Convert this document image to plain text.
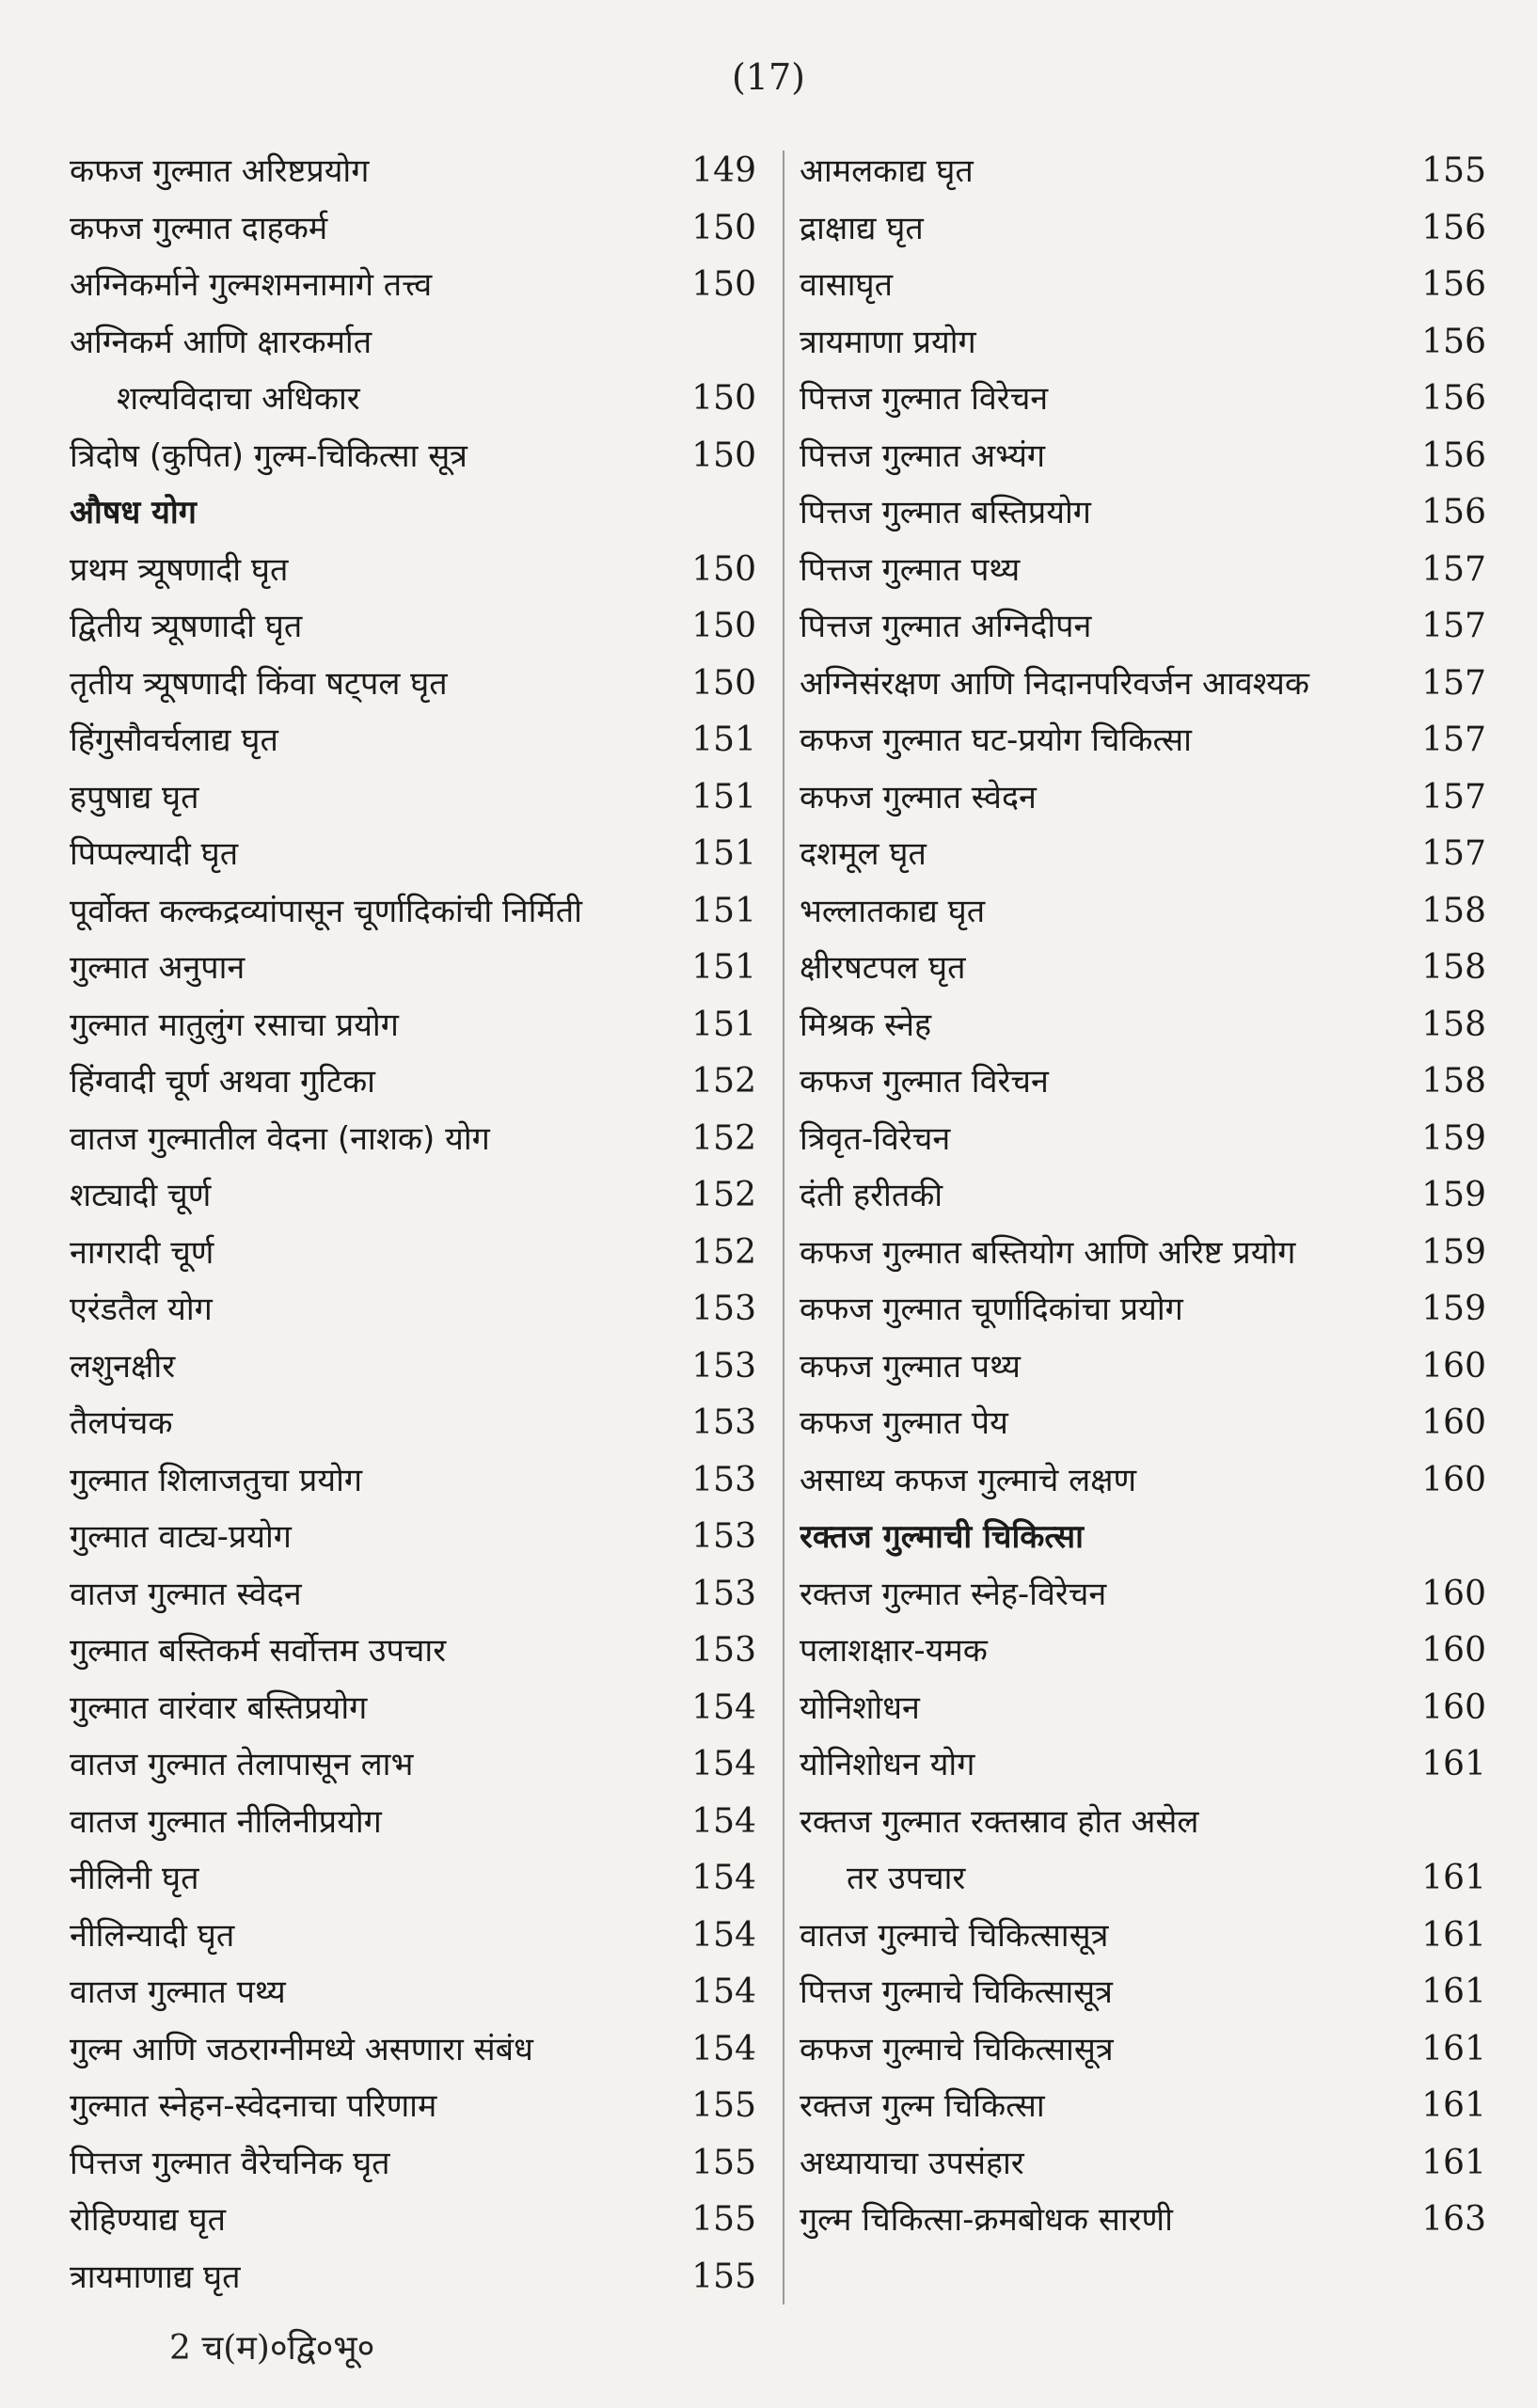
(17)
कफज गुल्मात अरिष्टप्रयोग	149
कफज गुल्मात दाहकर्म	150
अग्निकर्माने गुल्मशमनामागे तत्त्व	150
अग्निकर्म आणि क्षारकर्मात
शल्यविदाचा अधिकार	150
त्रिदोष (कुपित) गुल्म-चिकित्सा सूत्र	150
औषध योग
प्रथम त्र्यूषणादी घृत	150
द्वितीय त्र्यूषणादी घृत	150
तृतीय त्र्यूषणादी किंवा षट्पल घृत	150
हिंगुसौवर्चलाद्य घृत	151
हपुषाद्य घृत	151
पिप्पल्यादी घृत	151
पूर्वोक्त कल्कद्रव्यांपासून चूर्णादिकांची निर्मिती	151
गुल्मात अनुपान	151
गुल्मात मातुलुंग रसाचा प्रयोग	151
हिंग्वादी चूर्ण अथवा गुटिका	152
वातज गुल्मातील वेदना (नाशक) योग	152
शट्यादी चूर्ण	152
नागरादी चूर्ण	152
एरंडतैल योग	153
लशुनक्षीर	153
तैलपंचक	153
गुल्मात शिलाजतुचा प्रयोग	153
गुल्मात वाट्य-प्रयोग	153
वातज गुल्मात स्वेदन	153
गुल्मात बस्तिकर्म सर्वोत्तम उपचार	153
गुल्मात वारंवार बस्तिप्रयोग	154
वातज गुल्मात तेलापासून लाभ	154
वातज गुल्मात नीलिनीप्रयोग	154
नीलिनी घृत	154
नीलिन्यादी घृत	154
वातज गुल्मात पथ्य	154
गुल्म आणि जठराग्नीमध्ये असणारा संबंध	154
गुल्मात स्नेहन-स्वेदनाचा परिणाम	155
पित्तज गुल्मात वैरेचनिक घृत	155
रोहिण्याद्य घृत	155
त्रायमाणाद्य घृत	155
आमलकाद्य घृत	155
द्राक्षाद्य घृत	156
वासाघृत	156
त्रायमाणा प्रयोग	156
पित्तज गुल्मात विरेचन	156
पित्तज गुल्मात अभ्यंग	156
पित्तज गुल्मात बस्तिप्रयोग	156
पित्तज गुल्मात पथ्य	157
पित्तज गुल्मात अग्निदीपन	157
अग्निसंरक्षण आणि निदानपरिवर्जन आवश्यक	157
कफज गुल्मात घट-प्रयोग चिकित्सा	157
कफज गुल्मात स्वेदन	157
दशमूल घृत	157
भल्लातकाद्य घृत	158
क्षीरषटपल घृत	158
मिश्रक स्नेह	158
कफज गुल्मात विरेचन	158
त्रिवृत-विरेचन	159
दंती हरीतकी	159
कफज गुल्मात बस्तियोग आणि अरिष्ट प्रयोग	159
कफज गुल्मात चूर्णादिकांचा प्रयोग	159
कफज गुल्मात पथ्य	160
कफज गुल्मात पेय	160
असाध्य कफज गुल्माचे लक्षण	160
रक्तज गुल्माची चिकित्सा
रक्तज गुल्मात स्नेह-विरेचन	160
पलाशक्षार-यमक	160
योनिशोधन	160
योनिशोधन योग	161
रक्तज गुल्मात रक्तस्राव होत असेल
तर उपचार	161
वातज गुल्माचे चिकित्सासूत्र	161
पित्तज गुल्माचे चिकित्सासूत्र	161
कफज गुल्माचे चिकित्सासूत्र	161
रक्तज गुल्म चिकित्सा	161
अध्यायाचा उपसंहार	161
गुल्म चिकित्सा-क्रमबोधक सारणी	163
2 च(म)०द्वि०भू०
